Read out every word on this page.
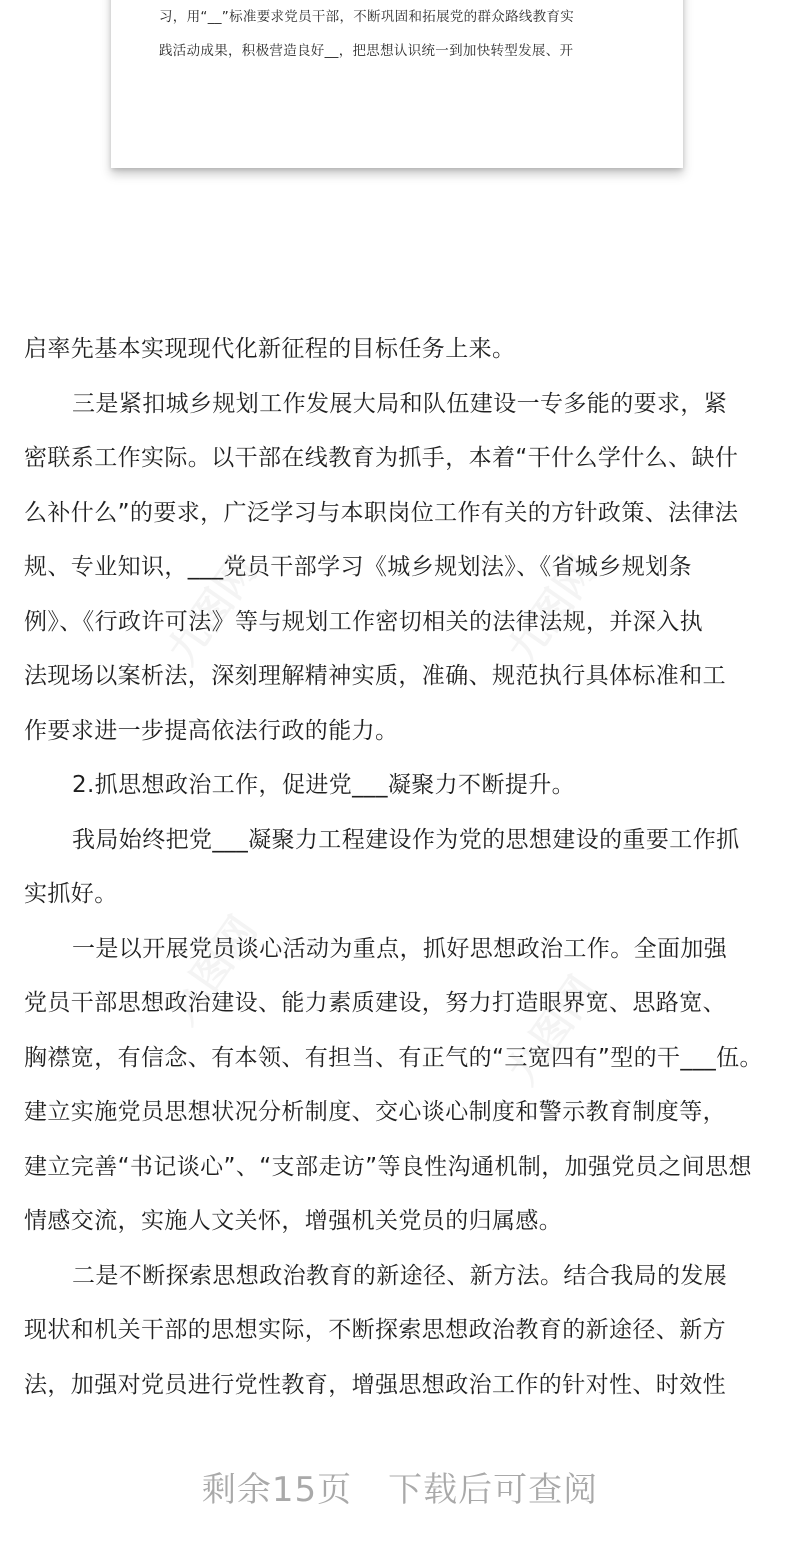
习，用“__”标准要求党员干部，不断巩固和拓展党的群众路线教育实

践活动成果，积极营造良好__，把思想认识统一到加快转型发展、开

九图网	九图网
九图网	九图网

启率先基本实现现代化新征程的目标任务上来。

三是紧扣城乡规划工作发展大局和队伍建设一专多能的要求，紧

密联系工作实际。以干部在线教育为抓手，本着“干什么学什么、缺什

么补什么”的要求，广泛学习与本职岗位工作有关的方针政策、法律法

规、专业知识，___党员干部学习《城乡规划法》、《省城乡规划条

例》、《行政许可法》等与规划工作密切相关的法律法规，并深入执

法现场以案析法，深刻理解精神实质，准确、规范执行具体标准和工

作要求进一步提高依法行政的能力。

2.抓思想政治工作，促进党___凝聚力不断提升。

我局始终把党___凝聚力工程建设作为党的思想建设的重要工作抓

实抓好。

一是以开展党员谈心活动为重点，抓好思想政治工作。全面加强

党员干部思想政治建设、能力素质建设，努力打造眼界宽、思路宽、

胸襟宽，有信念、有本领、有担当、有正气的“三宽四有”型的干___伍。

建立实施党员思想状况分析制度、交心谈心制度和警示教育制度等，

建立完善“书记谈心”、“支部走访”等良性沟通机制，加强党员之间思想

情感交流，实施人文关怀，增强机关党员的归属感。

二是不断探索思想政治教育的新途径、新方法。结合我局的发展

现状和机关干部的思想实际，不断探索思想政治教育的新途径、新方

法，加强对党员进行党性教育，增强思想政治工作的针对性、时效性

剩余15页 下载后可查阅
